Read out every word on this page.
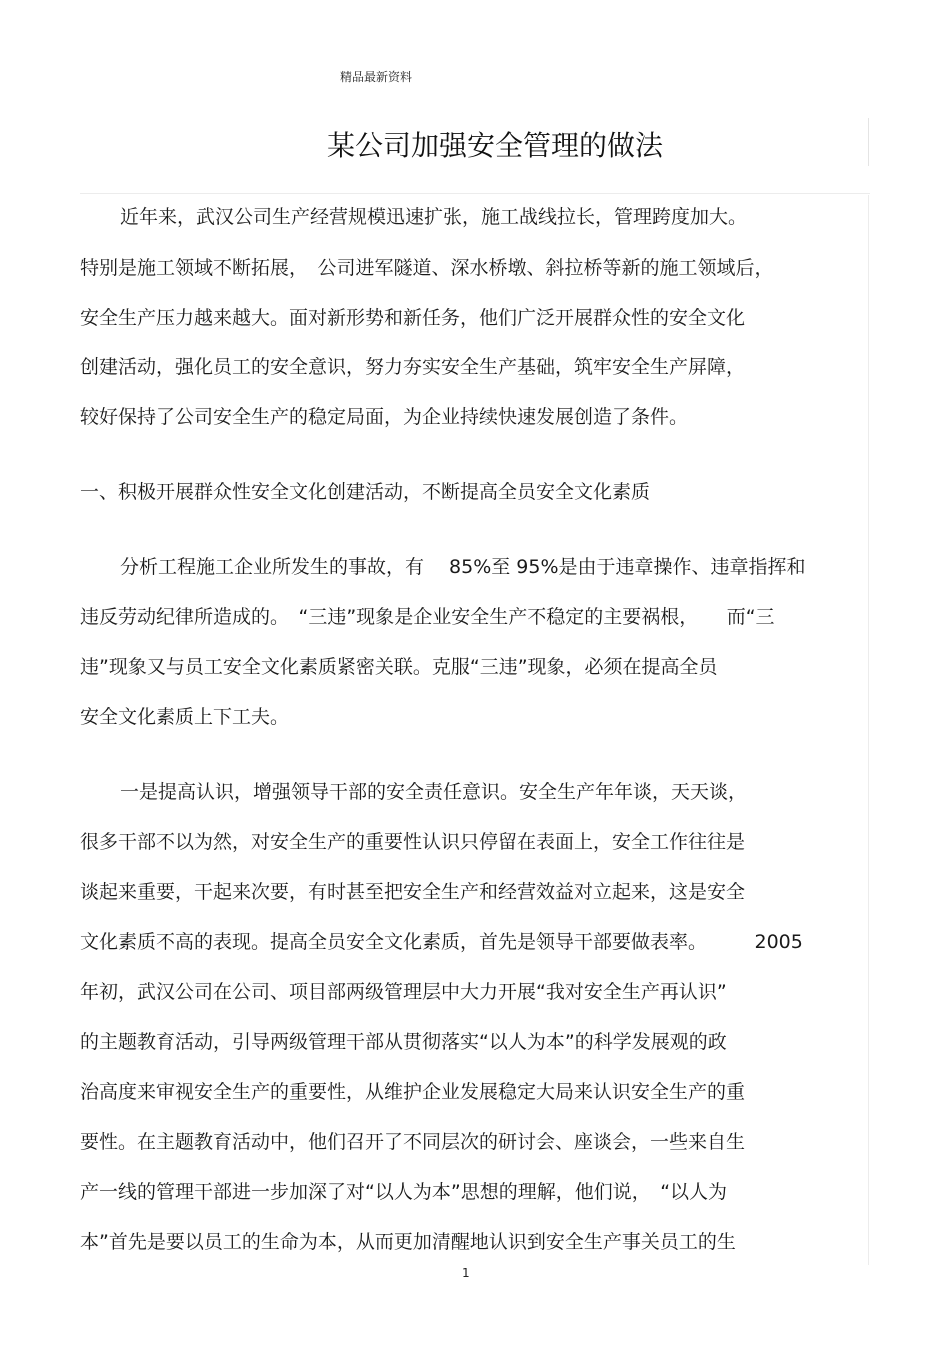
精品最新资料
某公司加强安全管理的做法
近年来，武汉公司生产经营规模迅速扩张，施工战线拉长，管理跨度加大。
特别是施工领域不断拓展，　公司进军隧道、深水桥墩、斜拉桥等新的施工领域后，
安全生产压力越来越大。面对新形势和新任务，他们广泛开展群众性的安全文化
创建活动，强化员工的安全意识，努力夯实安全生产基础，筑牢安全生产屏障，
较好保持了公司安全生产的稳定局面，为企业持续快速发展创造了条件。
一、积极开展群众性安全文化创建活动，不断提高全员安全文化素质
分析工程施工企业所发生的事故，有　 85%至 95%是由于违章操作、违章指挥和
违反劳动纪律所造成的。　“三违”现象是企业安全生产不稳定的主要祸根，　　而“三
违”现象又与员工安全文化素质紧密关联。克服“三违”现象，必须在提高全员
安全文化素质上下工夫。
一是提高认识，增强领导干部的安全责任意识。安全生产年年谈，天天谈，
很多干部不以为然，对安全生产的重要性认识只停留在表面上，安全工作往往是
谈起来重要，干起来次要，有时甚至把安全生产和经营效益对立起来，这是安全
文化素质不高的表现。提高全员安全文化素质，首先是领导干部要做表率。　　　2005
年初，武汉公司在公司、项目部两级管理层中大力开展“我对安全生产再认识”
的主题教育活动，引导两级管理干部从贯彻落实“以人为本”的科学发展观的政
治高度来审视安全生产的重要性，从维护企业发展稳定大局来认识安全生产的重
要性。在主题教育活动中，他们召开了不同层次的研讨会、座谈会，一些来自生
产一线的管理干部进一步加深了对“以人为本”思想的理解，他们说，　“以人为
本”首先是要以员工的生命为本，从而更加清醒地认识到安全生产事关员工的生
1
